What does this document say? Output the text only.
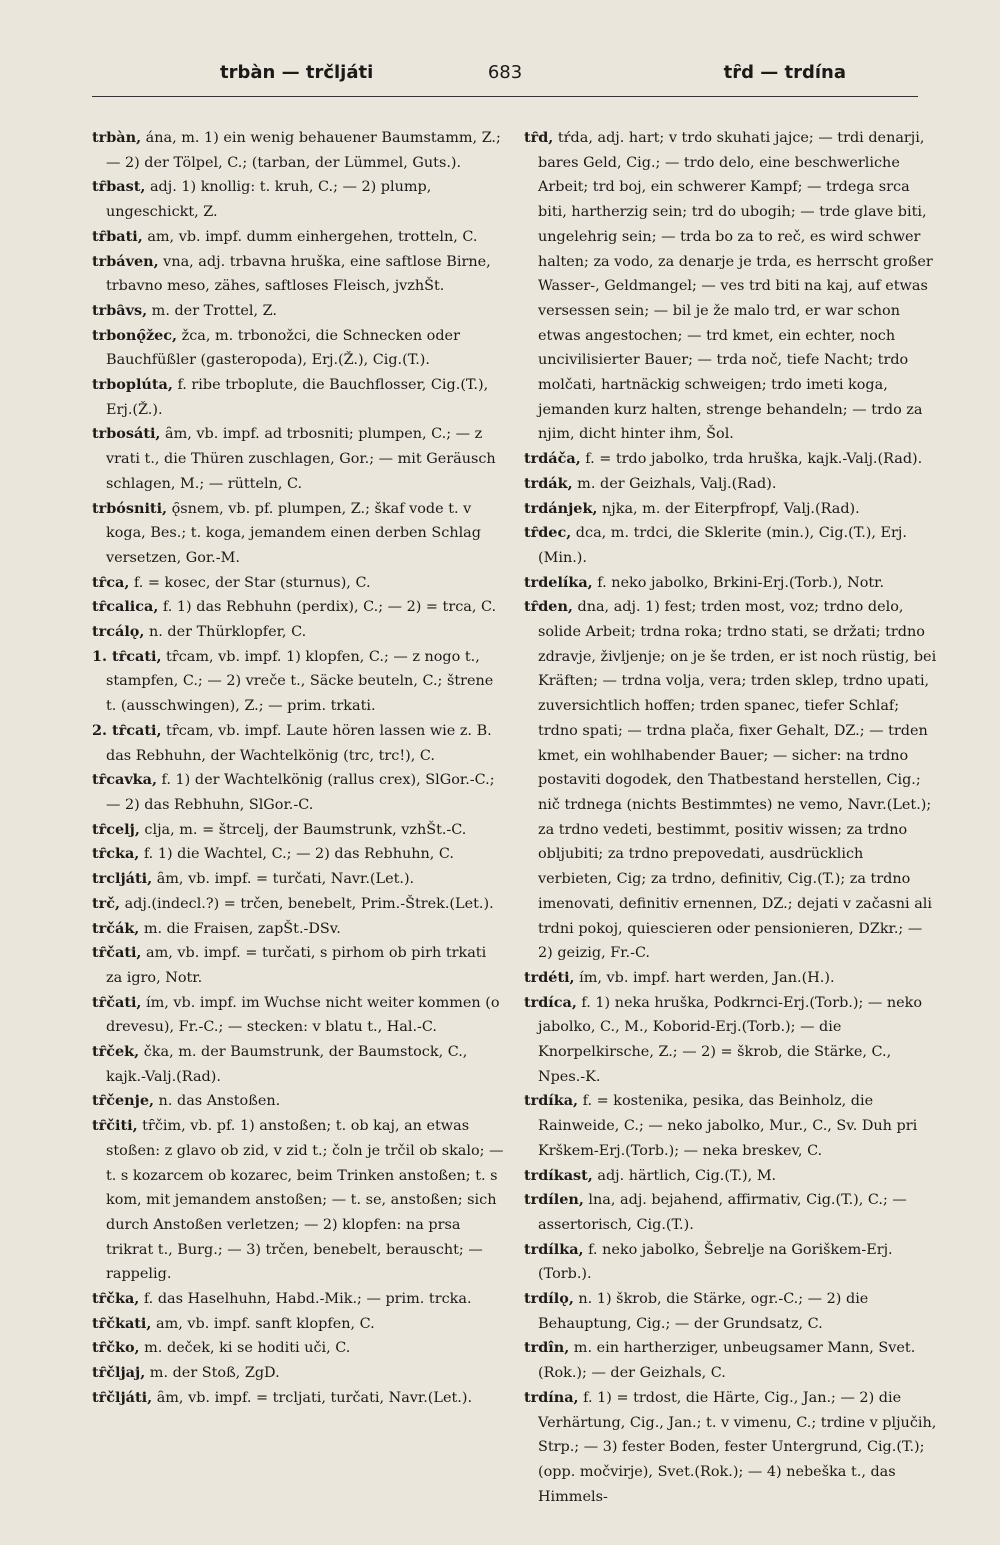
trbàn — trčljáti	683	tȓd — trdína
trbàn, ána, m. 1) ein wenig behauener Baumstamm, Z.; — 2) der Tölpel, C.; (tarban, der Lümmel, Guts.).
tȓbast, adj. 1) knollig: t. kruh, C.; — 2) plump, ungeschickt, Z.
tȓbati, am, vb. impf. dumm einhergehen, trotteln, C.
trbáven, vna, adj. trbavna hruška, eine saftlose Birne, trbavno meso, zähes, saftloses Fleisch, jvzhŠt.
trbȃvs, m. der Trottel, Z.
trbonǫ̑žec, žca, m. trbonožci, die Schnecken oder Bauchfüßler (gasteropoda), Erj.(Ž.), Cig.(T.).
trboplúta, f. ribe trboplute, die Bauchflosser, Cig.(T.), Erj.(Ž.).
trbosáti, ȃm, vb. impf. ad trbosniti; plumpen, C.; — z vrati t., die Thüren zuschlagen, Gor.; — mit Geräusch schlagen, M.; — rütteln, C.
trbósniti, ǫ̑snem, vb. pf. plumpen, Z.; škaf vode t. v koga, Bes.; t. koga, jemandem einen derben Schlag versetzen, Gor.-M.
tȓca, f. = kosec, der Star (sturnus), C.
tȓcalica, f. 1) das Rebhuhn (perdix), C.; — 2) = trca, C.
trcálǫ, n. der Thürklopfer, C.
1. tȓcati, tȓcam, vb. impf. 1) klopfen, C.; — z nogo t., stampfen, C.; — 2) vreče t., Säcke beuteln, C.; štrene t. (ausschwingen), Z.; — prim. trkati.
2. tȓcati, tȓcam, vb. impf. Laute hören lassen wie z. B. das Rebhuhn, der Wachtelkönig (trc, trc!), C.
tȓcavka, f. 1) der Wachtelkönig (rallus crex), SlGor.-C.; — 2) das Rebhuhn, SlGor.-C.
tȓcelj, clja, m. = štrcelj, der Baumstrunk, vzhŠt.-C.
tȓcka, f. 1) die Wachtel, C.; — 2) das Rebhuhn, C.
trcljáti, ȃm, vb. impf. = turčati, Navr.(Let.).
trč, adj.(indecl.?) = trčen, benebelt, Prim.-Štrek.(Let.).
trčák, m. die Fraisen, zapŠt.-DSv.
tȓčati, am, vb. impf. = turčati, s pirhom ob pirh trkati za igro, Notr.
tȓčati, ím, vb. impf. im Wuchse nicht weiter kommen (o drevesu), Fr.-C.; — stecken: v blatu t., Hal.-C.
tȓček, čka, m. der Baumstrunk, der Baumstock, C., kajk.-Valj.(Rad).
tȓčenje, n. das Anstoßen.
tȓčiti, tȓčim, vb. pf. 1) anstoßen; t. ob kaj, an etwas stoßen: z glavo ob zid, v zid t.; čoln je trčil ob skalo; — t. s kozarcem ob kozarec, beim Trinken anstoßen; t. s kom, mit jemandem anstoßen; — t. se, anstoßen; sich durch Anstoßen verletzen; — 2) klopfen: na prsa trikrat t., Burg.; — 3) trčen, benebelt, berauscht; — rappelig.
tȓčka, f. das Haselhuhn, Habd.-Mik.; — prim. trcka.
tȓčkati, am, vb. impf. sanft klopfen, C.
tȓčko, m. deček, ki se hoditi uči, C.
tȓčljaj, m. der Stoß, ZgD.
tȓčljáti, ȃm, vb. impf. = trcljati, turčati, Navr.(Let.).
tȓd, tŕda, adj. hart; v trdo skuhati jajce; — trdi denarji, bares Geld, Cig.; — trdo delo, eine beschwerliche Arbeit; trd boj, ein schwerer Kampf; — trdega srca biti, hartherzig sein; trd do ubogih; — trde glave biti, ungelehrig sein; — trda bo za to reč, es wird schwer halten; za vodo, za denarje je trda, es herrscht großer Wasser-, Geldmangel; — ves trd biti na kaj, auf etwas versessen sein; — bil je že malo trd, er war schon etwas angestochen; — trd kmet, ein echter, noch uncivilisierter Bauer; — trda noč, tiefe Nacht; trdo molčati, hartnäckig schweigen; trdo imeti koga, jemanden kurz halten, strenge behandeln; — trdo za njim, dicht hinter ihm, Šol.
trdáča, f. = trdo jabolko, trda hruška, kajk.-Valj.(Rad).
trdák, m. der Geizhals, Valj.(Rad).
trdánjek, njka, m. der Eiterpfropf, Valj.(Rad).
tȓdec, dca, m. trdci, die Sklerite (min.), Cig.(T.), Erj.(Min.).
trdelíka, f. neko jabolko, Brkini-Erj.(Torb.), Notr.
tȓden, dna, adj. 1) fest; trden most, voz; trdno delo, solide Arbeit; trdna roka; trdno stati, se držati; trdno zdravje, življenje; on je še trden, er ist noch rüstig, bei Kräften; — trdna volja, vera; trden sklep, trdno upati, zuversichtlich hoffen; trden spanec, tiefer Schlaf; trdno spati; — trdna plača, fixer Gehalt, DZ.; — trden kmet, ein wohlhabender Bauer; — sicher: na trdno postaviti dogodek, den Thatbestand herstellen, Cig.; nič trdnega (nichts Bestimmtes) ne vemo, Navr.(Let.); za trdno vedeti, bestimmt, positiv wissen; za trdno obljubiti; za trdno prepovedati, ausdrücklich verbieten, Cig; za trdno, definitiv, Cig.(T.); za trdno imenovati, definitiv ernennen, DZ.; dejati v začasni ali trdni pokoj, quiescieren oder pensionieren, DZkr.; — 2) geizig, Fr.-C.
trdéti, ím, vb. impf. hart werden, Jan.(H.).
trdíca, f. 1) neka hruška, Podkrnci-Erj.(Torb.); — neko jabolko, C., M., Koborid-Erj.(Torb.); — die Knorpelkirsche, Z.; — 2) = škrob, die Stärke, C., Npes.-K.
trdíka, f. = kostenika, pesika, das Beinholz, die Rainweide, C.; — neko jabolko, Mur., C., Sv. Duh pri Krškem-Erj.(Torb.); — neka breskev, C.
trdíkast, adj. härtlich, Cig.(T.), M.
trdílen, lna, adj. bejahend, affirmativ, Cig.(T.), C.; — assertorisch, Cig.(T.).
trdílka, f. neko jabolko, Šebrelje na Goriškem-Erj.(Torb.).
trdílǫ, n. 1) škrob, die Stärke, ogr.-C.; — 2) die Behauptung, Cig.; — der Grundsatz, C.
trdîn, m. ein hartherziger, unbeugsamer Mann, Svet.(Rok.); — der Geizhals, C.
trdína, f. 1) = trdost, die Härte, Cig., Jan.; — 2) die Verhärtung, Cig., Jan.; t. v vimenu, C.; trdine v pljučih, Strp.; — 3) fester Boden, fester Untergrund, Cig.(T.); (opp. močvirje), Svet.(Rok.); — 4) nebeška t., das Himmels-
